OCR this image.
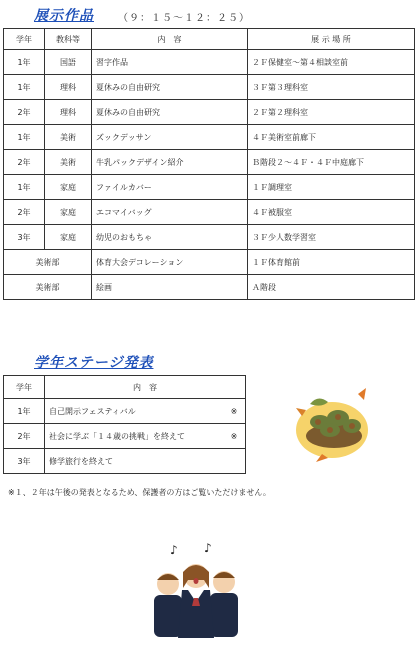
展示作品 （９：１５〜１２：２５）
学年	教科等	内　容	展 示 場 所
1年	国語	習字作品	２Ｆ保健室〜第４相談室前
1年	理科	夏休みの自由研究	３Ｆ第３理科室
2年	理科	夏休みの自由研究	２Ｆ第２理科室
1年	美術	ズックデッサン	４Ｆ美術室前廊下
2年	美術	牛乳パックデザイン紹介	Ｂ階段２〜４Ｆ・４Ｆ中庭廊下
1年	家庭	ファイルカバー	１Ｆ調理室
2年	家庭	エコマイバッグ	４Ｆ被服室
3年	家庭	幼児のおもちゃ	３Ｆ少人数学習室
美術部		体育大会デコレーション	１Ｆ体育館前
美術部		絵画	Ａ階段
学年ステージ発表
学年	内　容	
1年	自己開示フェスティバル	※
2年	社会に学ぶ「１４歳の挑戦」を終えて	※
3年	修学旅行を終えて	
※１、２年は午後の発表となるため、保護者の方はご覧いただけません。
♪ ♪
